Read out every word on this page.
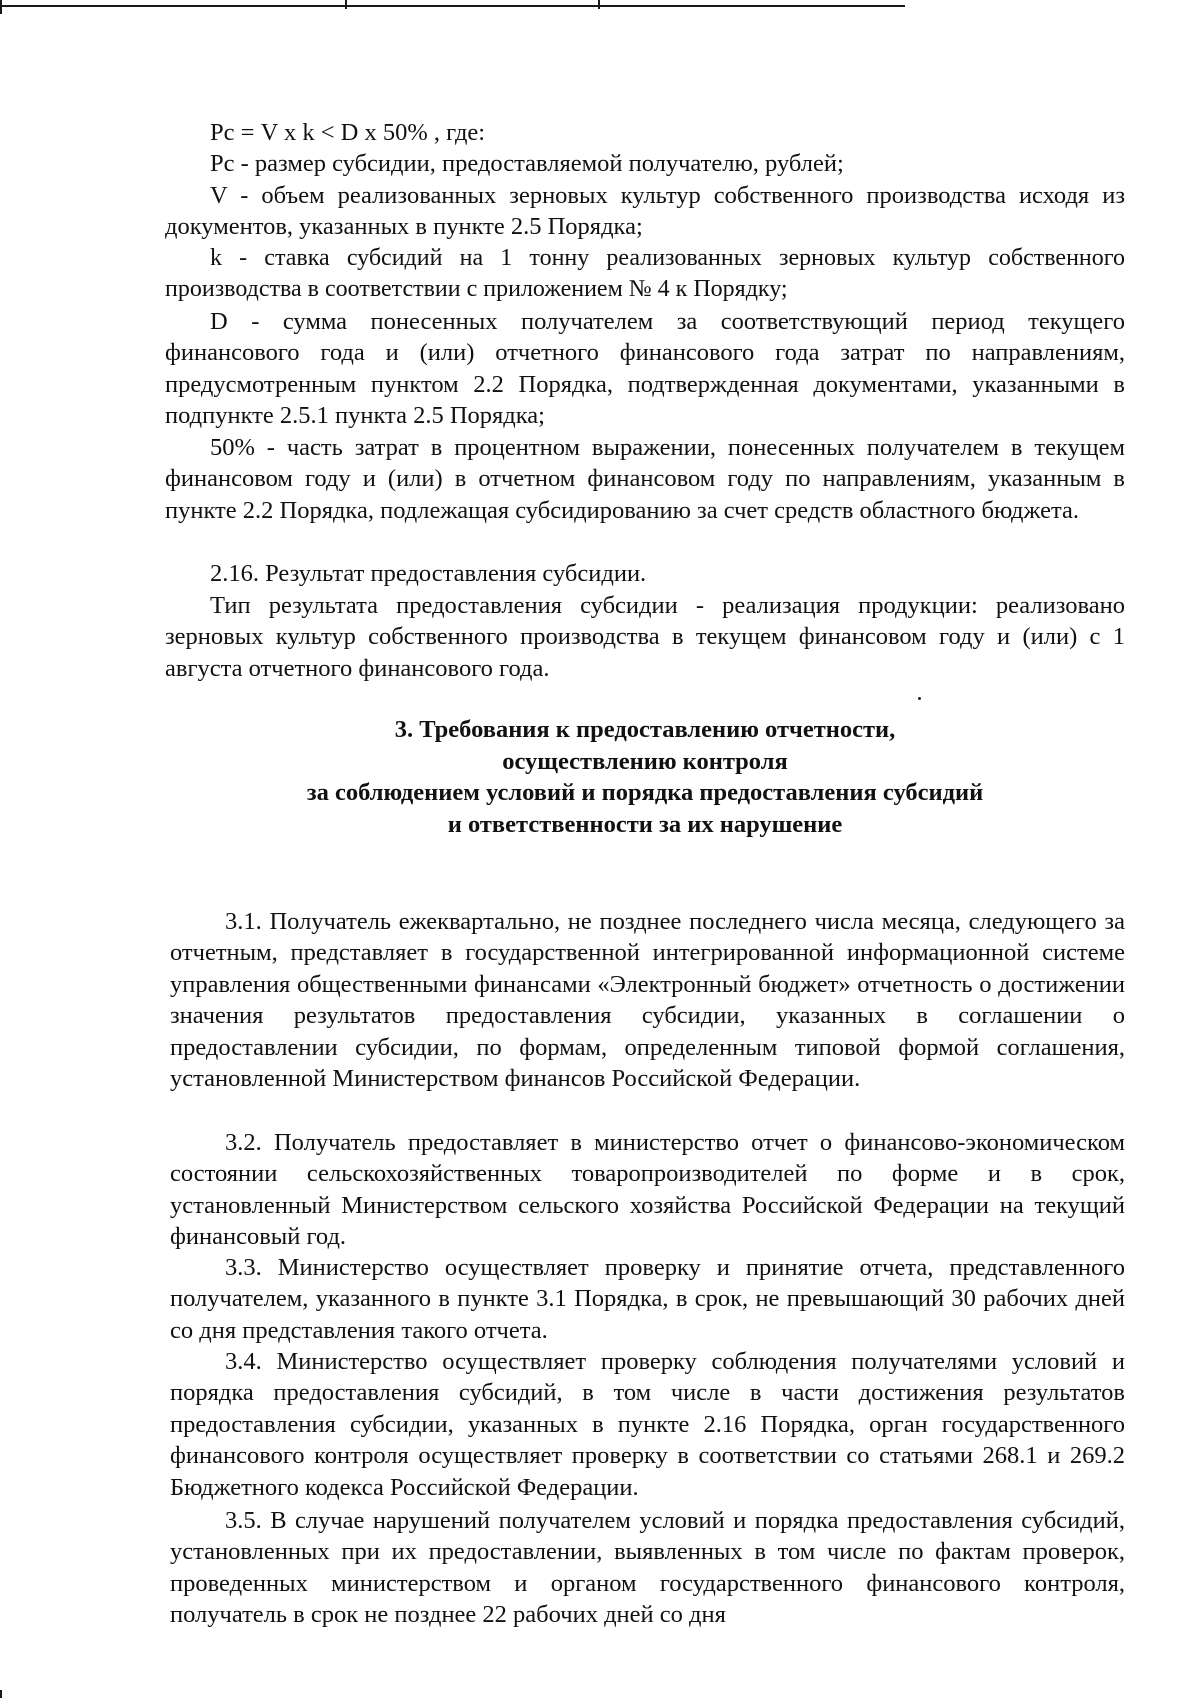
Рс = V х k < D х 50% , где:

Рс - размер субсидии, предоставляемой получателю, рублей;

V - объем реализованных зерновых культур собственного производства исходя из документов, указанных в пункте 2.5 Порядка;

k - ставка субсидий на 1 тонну реализованных зерновых культур собственного производства в соответствии с приложением № 4 к Порядку;

D - сумма понесенных получателем за соответствующий период текущего финансового года и (или) отчетного финансового года затрат по направлениям, предусмотренным пунктом 2.2 Порядка, подтвержденная документами, указанными в подпункте 2.5.1 пункта 2.5 Порядка;

50% - часть затрат в процентном выражении, понесенных получателем в текущем финансовом году и (или) в отчетном финансовом году по направлениям, указанным в пункте 2.2 Порядка, подлежащая субсидированию за счет средств областного бюджета.

2.16. Результат предоставления субсидии.

Тип результата предоставления субсидии - реализация продукции: реализовано зерновых культур собственного производства в текущем финансовом году и (или) с 1 августа отчетного финансового года.

3. Требования к предоставлению отчетности,
осуществлению контроля
за соблюдением условий и порядка предоставления субсидий
и ответственности за их нарушение

3.1. Получатель ежеквартально, не позднее последнего числа месяца, следующего за отчетным, представляет в государственной интегрированной информационной системе управления общественными финансами «Электронный бюджет» отчетность о достижении значения результатов предоставления субсидии, указанных в соглашении о предоставлении субсидии, по формам, определенным типовой формой соглашения, установленной Министерством финансов Российской Федерации.

3.2. Получатель предоставляет в министерство отчет о финансово-экономическом состоянии сельскохозяйственных товаропроизводителей по форме и в срок, установленный Министерством сельского хозяйства Российской Федерации на текущий финансовый год.

3.3. Министерство осуществляет проверку и принятие отчета, представленного получателем, указанного в пункте 3.1 Порядка, в срок, не превышающий 30 рабочих дней со дня представления такого отчета.

3.4. Министерство осуществляет проверку соблюдения получателями условий и порядка предоставления субсидий, в том числе в части достижения результатов предоставления субсидии, указанных в пункте 2.16 Порядка, орган государственного финансового контроля осуществляет проверку в соответствии со статьями 268.1 и 269.2 Бюджетного кодекса Российской Федерации.

3.5. В случае нарушений получателем условий и порядка предоставления субсидий, установленных при их предоставлении, выявленных в том числе по фактам проверок, проведенных министерством и органом государственного финансового контроля, получатель в срок не позднее 22 рабочих дней со дня
